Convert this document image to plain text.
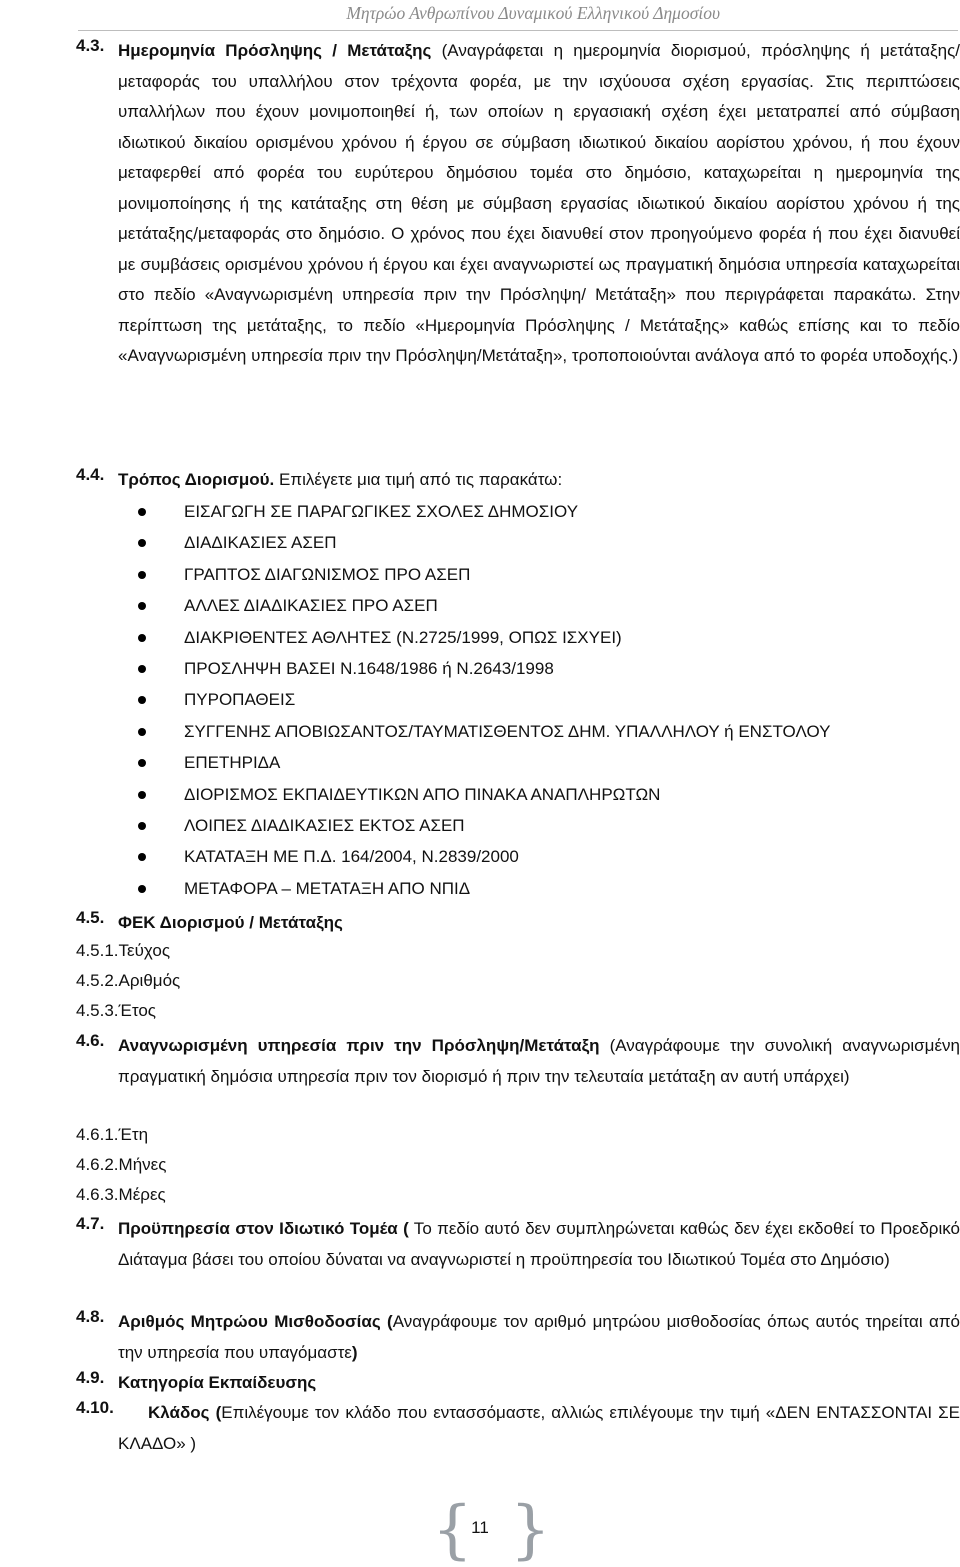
Μητρώο Ανθρωπίνου Δυναμικού Ελληνικού Δημοσίου
4.3. Ημερομηνία Πρόσληψης / Μετάταξης (Αναγράφεται η ημερομηνία διορισμού, πρόσληψης ή μετάταξης/μεταφοράς του υπαλλήλου στον τρέχοντα φορέα, με την ισχύουσα σχέση εργασίας. Στις περιπτώσεις υπαλλήλων που έχουν μονιμοποιηθεί ή, των οποίων η εργασιακή σχέση έχει μετατραπεί από σύμβαση ιδιωτικού δικαίου ορισμένου χρόνου ή έργου σε σύμβαση ιδιωτικού δικαίου αορίστου χρόνου, ή που έχουν μεταφερθεί από φορέα του ευρύτερου δημόσιου τομέα στο δημόσιο, καταχωρείται η ημερομηνία της μονιμοποίησης ή της κατάταξης στη θέση με σύμβαση εργασίας ιδιωτικού δικαίου αορίστου χρόνου ή της μετάταξης/μεταφοράς στο δημόσιο. Ο χρόνος που έχει διανυθεί στον προηγούμενο φορέα ή που έχει διανυθεί με συμβάσεις ορισμένου χρόνου ή έργου και έχει αναγνωριστεί ως πραγματική δημόσια υπηρεσία καταχωρείται στο πεδίο «Αναγνωρισμένη υπηρεσία πριν την Πρόσληψη/ Μετάταξη» που περιγράφεται παρακάτω. Στην περίπτωση της μετάταξης, το πεδίο «Ημερομηνία Πρόσληψης / Μετάταξης» καθώς επίσης και το πεδίο «Αναγνωρισμένη υπηρεσία πριν την Πρόσληψη/Μετάταξη», τροποποιούνται ανάλογα από το φορέα υποδοχής.)
4.4. Τρόπος Διορισμού. Επιλέγετε μια τιμή από τις παρακάτω:
ΕΙΣΑΓΩΓΗ ΣΕ ΠΑΡΑΓΩΓΙΚΕΣ ΣΧΟΛΕΣ ΔΗΜΟΣΙΟΥ
ΔΙΑΔΙΚΑΣΙΕΣ ΑΣΕΠ
ΓΡΑΠΤΟΣ ΔΙΑΓΩΝΙΣΜΟΣ ΠΡΟ ΑΣΕΠ
ΑΛΛΕΣ ΔΙΑΔΙΚΑΣΙΕΣ ΠΡΟ ΑΣΕΠ
ΔΙΑΚΡΙΘΕΝΤΕΣ ΑΘΛΗΤΕΣ (Ν.2725/1999, ΟΠΩΣ ΙΣΧΥΕΙ)
ΠΡΟΣΛΗΨΗ ΒΑΣΕΙ Ν.1648/1986 ή Ν.2643/1998
ΠΥΡΟΠΑΘΕΙΣ
ΣΥΓΓΕΝΗΣ ΑΠΟΒΙΩΣΑΝΤΟΣ/ΤΑΥΜΑΤΙΣΘΕΝΤΟΣ ΔΗΜ. ΥΠΑΛΛΗΛΟΥ ή ΕΝΣΤΟΛΟΥ
ΕΠΕΤΗΡΙΔΑ
ΔΙΟΡΙΣΜΟΣ ΕΚΠΑΙΔΕΥΤΙΚΩΝ ΑΠΟ ΠΙΝΑΚΑ ΑΝΑΠΛΗΡΩΤΩΝ
ΛΟΙΠΕΣ ΔΙΑΔΙΚΑΣΙΕΣ ΕΚΤΟΣ ΑΣΕΠ
ΚΑΤΑΤΑΞΗ ΜΕ Π.Δ. 164/2004, Ν.2839/2000
ΜΕΤΑΦΟΡΑ – ΜΕΤΑΤΑΞΗ ΑΠΟ ΝΠΙΔ
4.5. ΦΕΚ Διορισμού / Μετάταξης
4.5.1.Τεύχος
4.5.2.Αριθμός
4.5.3.Έτος
4.6. Αναγνωρισμένη υπηρεσία πριν την Πρόσληψη/Μετάταξη (Αναγράφουμε την συνολική αναγνωρισμένη πραγματική δημόσια υπηρεσία πριν τον διορισμό ή πριν την τελευταία μετάταξη αν αυτή υπάρχει)
4.6.1.Έτη
4.6.2.Μήνες
4.6.3.Μέρες
4.7. Προϋπηρεσία στον Ιδιωτικό Τομέα ( Το πεδίο αυτό δεν συμπληρώνεται καθώς δεν έχει εκδοθεί το Προεδρικό Διάταγμα βάσει του οποίου δύναται να αναγνωριστεί η προϋπηρεσία του Ιδιωτικού Τομέα στο Δημόσιο)
4.8. Αριθμός Μητρώου Μισθοδοσίας (Αναγράφουμε τον αριθμό μητρώου μισθοδοσίας όπως αυτός τηρείται από την υπηρεσία που υπαγόμαστε)
4.9. Κατηγορία Εκπαίδευσης
4.10.	Κλάδος (Επιλέγουμε τον κλάδο που εντασσόμαστε, αλλιώς επιλέγουμε την τιμή «ΔΕΝ ΕΝΤΑΣΣΟΝΤΑΙ ΣΕ ΚΛΑΔΟ» )
{
11 }
